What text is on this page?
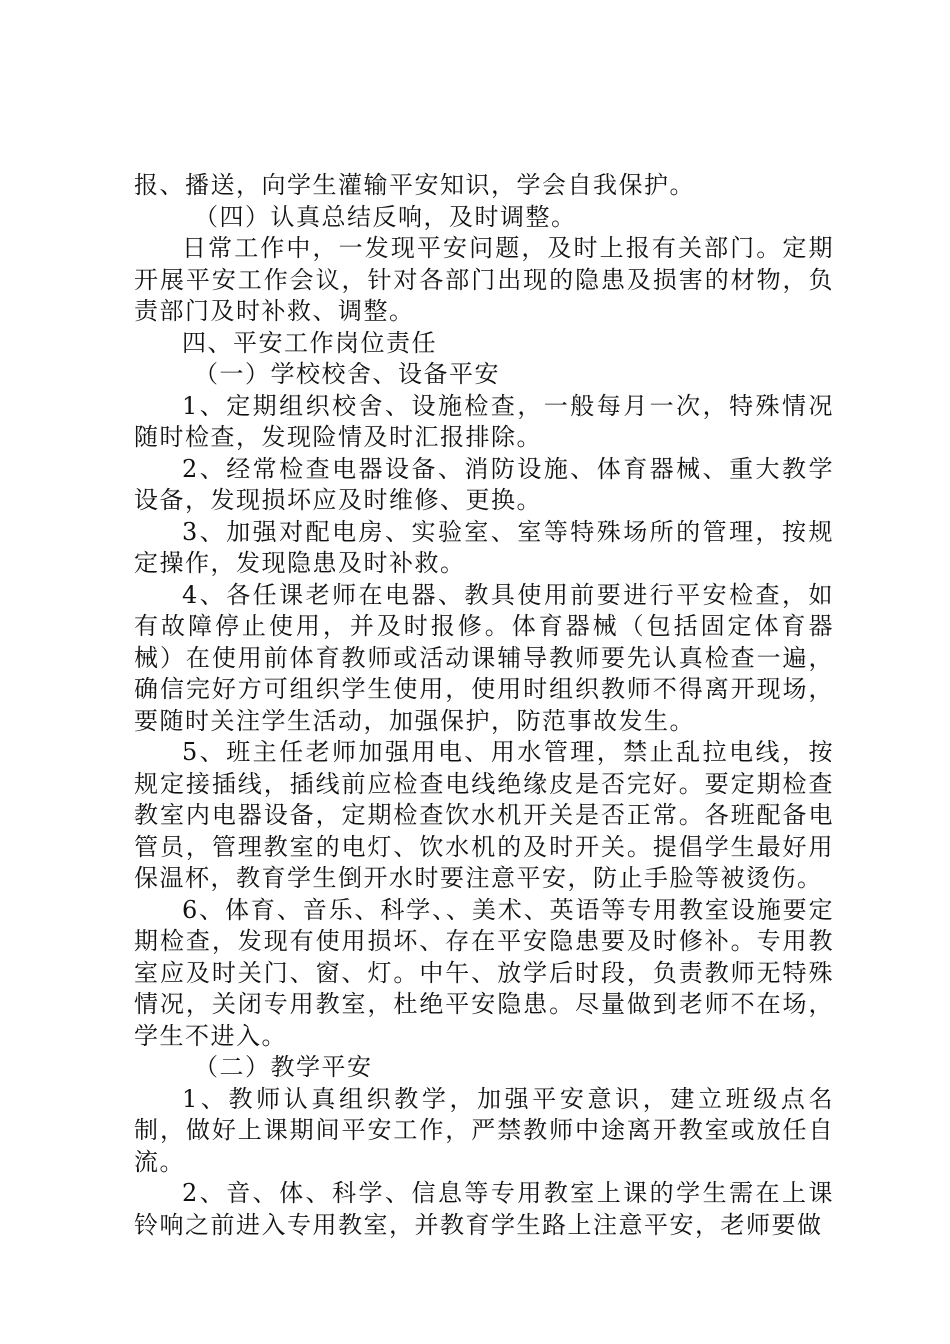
报、播送，向学生灌输平安知识，学会自我保护。

（四）认真总结反响，及时调整。

日常工作中，一发现平安问题，及时上报有关部门。定期开展平安工作会议，针对各部门出现的隐患及损害的材物，负责部门及时补救、调整。

四、平安工作岗位责任

（一）学校校舍、设备平安

1、定期组织校舍、设施检查，一般每月一次，特殊情况随时检查，发现险情及时汇报排除。

2、经常检查电器设备、消防设施、体育器械、重大教学设备，发现损坏应及时维修、更换。

3、加强对配电房、实验室、室等特殊场所的管理，按规定操作，发现隐患及时补救。

4、各任课老师在电器、教具使用前要进行平安检查，如有故障停止使用，并及时报修。体育器械（包括固定体育器械）在使用前体育教师或活动课辅导教师要先认真检查一遍，确信完好方可组织学生使用，使用时组织教师不得离开现场，要随时关注学生活动，加强保护，防范事故发生。

5、班主任老师加强用电、用水管理，禁止乱拉电线，按规定接插线，插线前应检查电线绝缘皮是否完好。要定期检查教室内电器设备，定期检查饮水机开关是否正常。各班配备电管员，管理教室的电灯、饮水机的及时开关。提倡学生最好用保温杯，教育学生倒开水时要注意平安，防止手脸等被烫伤。

6、体育、音乐、科学、、美术、英语等专用教室设施要定期检查，发现有使用损坏、存在平安隐患要及时修补。专用教室应及时关门、窗、灯。中午、放学后时段，负责教师无特殊情况，关闭专用教室，杜绝平安隐患。尽量做到老师不在场，学生不进入。

（二）教学平安

1、教师认真组织教学，加强平安意识，建立班级点名制，做好上课期间平安工作，严禁教师中途离开教室或放任自流。

2、音、体、科学、信息等专用教室上课的学生需在上课铃响之前进入专用教室，并教育学生路上注意平安，老师要做
